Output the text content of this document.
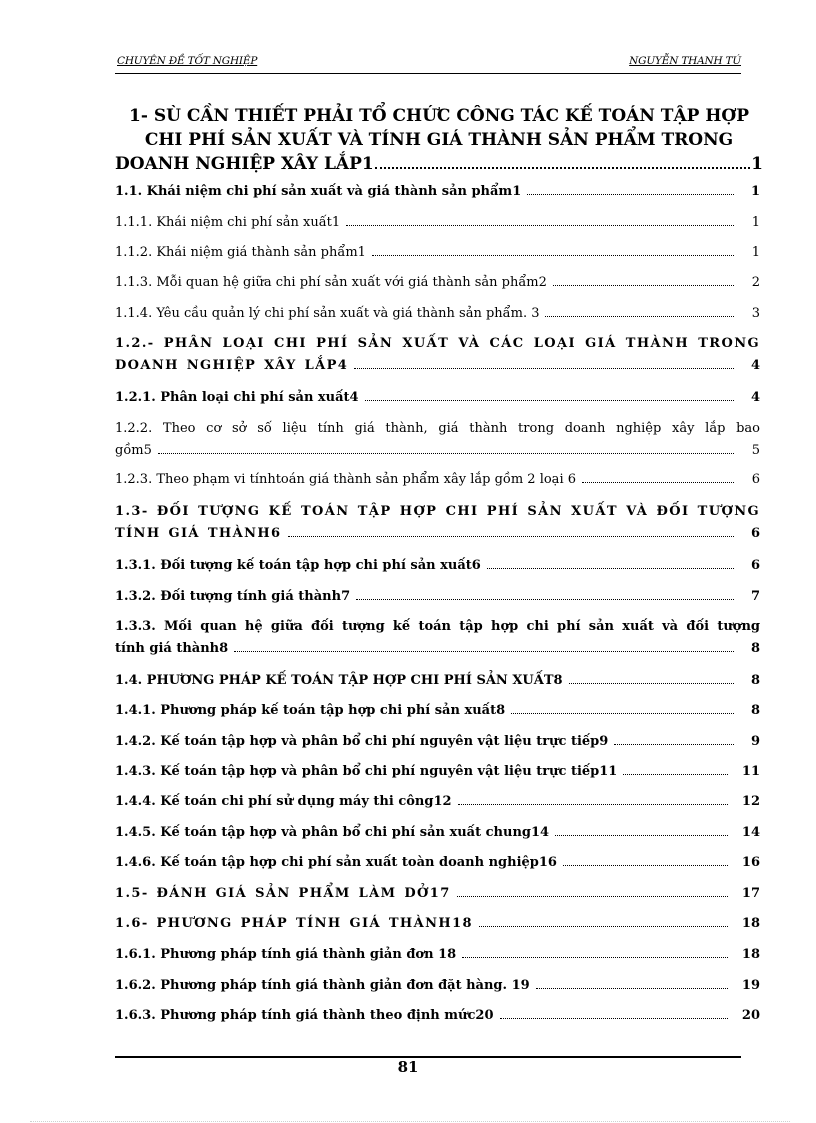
CHUYÊN ĐỀ TỐT NGHIỆP	NGUYỄN THANH TÚ
1- SÙ CẦN THIẾT PHẢI TỔ CHỨC CÔNG TÁC KẾ TOÁN TẬP HỢP
CHI PHÍ SẢN XUẤT VÀ TÍNH GIÁ THÀNH SẢN PHẨM TRONG
DOANH NGHIỆP XÂY LẮP1	1
1.1. Khái niệm chi phí sản xuất và giá thành sản phẩm1	1
1.1.1. Khái niệm chi phí sản xuất1	1
1.1.2. Khái niệm giá thành sản phẩm1	1
1.1.3. Mỗi quan hệ giữa chi phí sản xuất với giá thành sản phẩm2	2
1.1.4. Yêu cầu quản lý chi phí sản xuất và giá thành sản phẩm. 3	3
1.2.- PHÂN LOẠI CHI PHÍ SẢN XUẤT VÀ CÁC LOẠI GIÁ THÀNH TRONG
DOANH NGHIỆP XÂY LẮP4	4
1.2.1. Phân loại chi phí sản xuất4	4
1.2.2. Theo cơ sở số liệu tính giá thành, giá thành trong doanh nghiệp xây lắp bao
gồm5	5
1.2.3. Theo phạm vi tínhtoán giá thành sản phẩm xây lắp gồm 2 loại 6	6
1.3- ĐỐI TƯỢNG KẾ TOÁN TẬP HỢP CHI PHÍ SẢN XUẤT VÀ ĐỐI TƯỢNG
TÍNH GIÁ THÀNH6	6
1.3.1. Đối tượng kế toán tập hợp chi phí sản xuất6	6
1.3.2. Đối tượng tính giá thành7	7
1.3.3. Mối quan hệ giữa đối tượng kế toán tập hợp chi phí sản xuất và đối tượng
tính giá thành8	8
1.4. PHƯƠNG PHÁP KẾ TOÁN TẬP HỢP CHI PHÍ SẢN XUẤT8	8
1.4.1. Phương pháp kế toán tập hợp chi phí sản xuất8	8
1.4.2. Kế toán tập hợp và phân bổ chi phí nguyên vật liệu trực tiếp9	9
1.4.3. Kế toán tập hợp và phân bổ chi phí nguyên vật liệu trực tiếp11	11
1.4.4. Kế toán chi phí sử dụng máy thi công12	12
1.4.5. Kế toán tập hợp và phân bổ chi phí sản xuất chung14	14
1.4.6. Kế toán tập hợp chi phí sản xuất toàn doanh nghiệp16	16
1.5- ĐÁNH GIÁ SẢN PHẨM LÀM DỞ17	17
1.6- PHƯƠNG PHÁP TÍNH GIÁ THÀNH18	18
1.6.1. Phương pháp tính giá thành giản đơn 18	18
1.6.2. Phương pháp tính giá thành giản đơn đặt hàng. 19	19
1.6.3. Phương pháp tính giá thành theo định mức20	20
81
